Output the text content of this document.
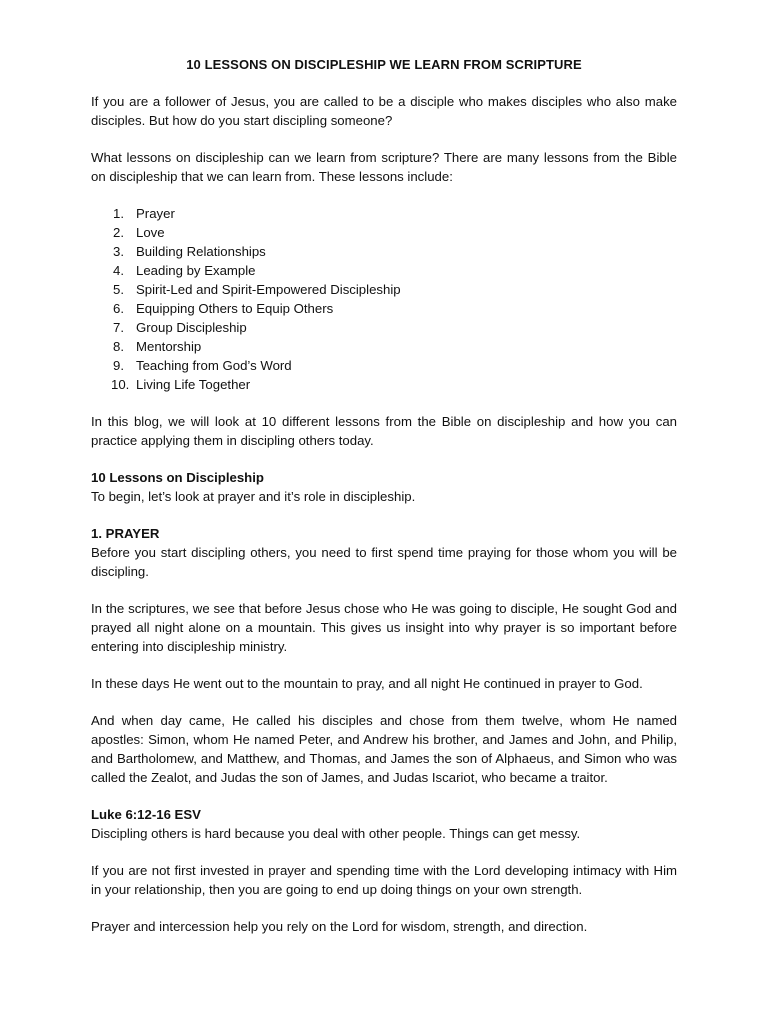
10 LESSONS ON DISCIPLESHIP WE LEARN FROM SCRIPTURE

If you are a follower of Jesus, you are called to be a disciple who makes disciples who also make disciples. But how do you start discipling someone?

What lessons on discipleship can we learn from scripture? There are many lessons from the Bible on discipleship that we can learn from. These lessons include:

1. Prayer
2. Love
3. Building Relationships
4. Leading by Example
5. Spirit-Led and Spirit-Empowered Discipleship
6. Equipping Others to Equip Others
7. Group Discipleship
8. Mentorship
9. Teaching from God’s Word
10. Living Life Together

In this blog, we will look at 10 different lessons from the Bible on discipleship and how you can practice applying them in discipling others today.

10 Lessons on Discipleship

To begin, let’s look at prayer and it’s role in discipleship.

1. PRAYER

Before you start discipling others, you need to first spend time praying for those whom you will be discipling.

In the scriptures, we see that before Jesus chose who He was going to disciple, He sought God and prayed all night alone on a mountain. This gives us insight into why prayer is so important before entering into discipleship ministry.

In these days He went out to the mountain to pray, and all night He continued in prayer to God.

And when day came, He called his disciples and chose from them twelve, whom He named apostles: Simon, whom He named Peter, and Andrew his brother, and James and John, and Philip, and Bartholomew, and Matthew, and Thomas, and James the son of Alphaeus, and Simon who was called the Zealot, and Judas the son of James, and Judas Iscariot, who became a traitor.

Luke 6:12-16 ESV

Discipling others is hard because you deal with other people. Things can get messy.

If you are not first invested in prayer and spending time with the Lord developing intimacy with Him in your relationship, then you are going to end up doing things on your own strength.

Prayer and intercession help you rely on the Lord for wisdom, strength, and direction.
